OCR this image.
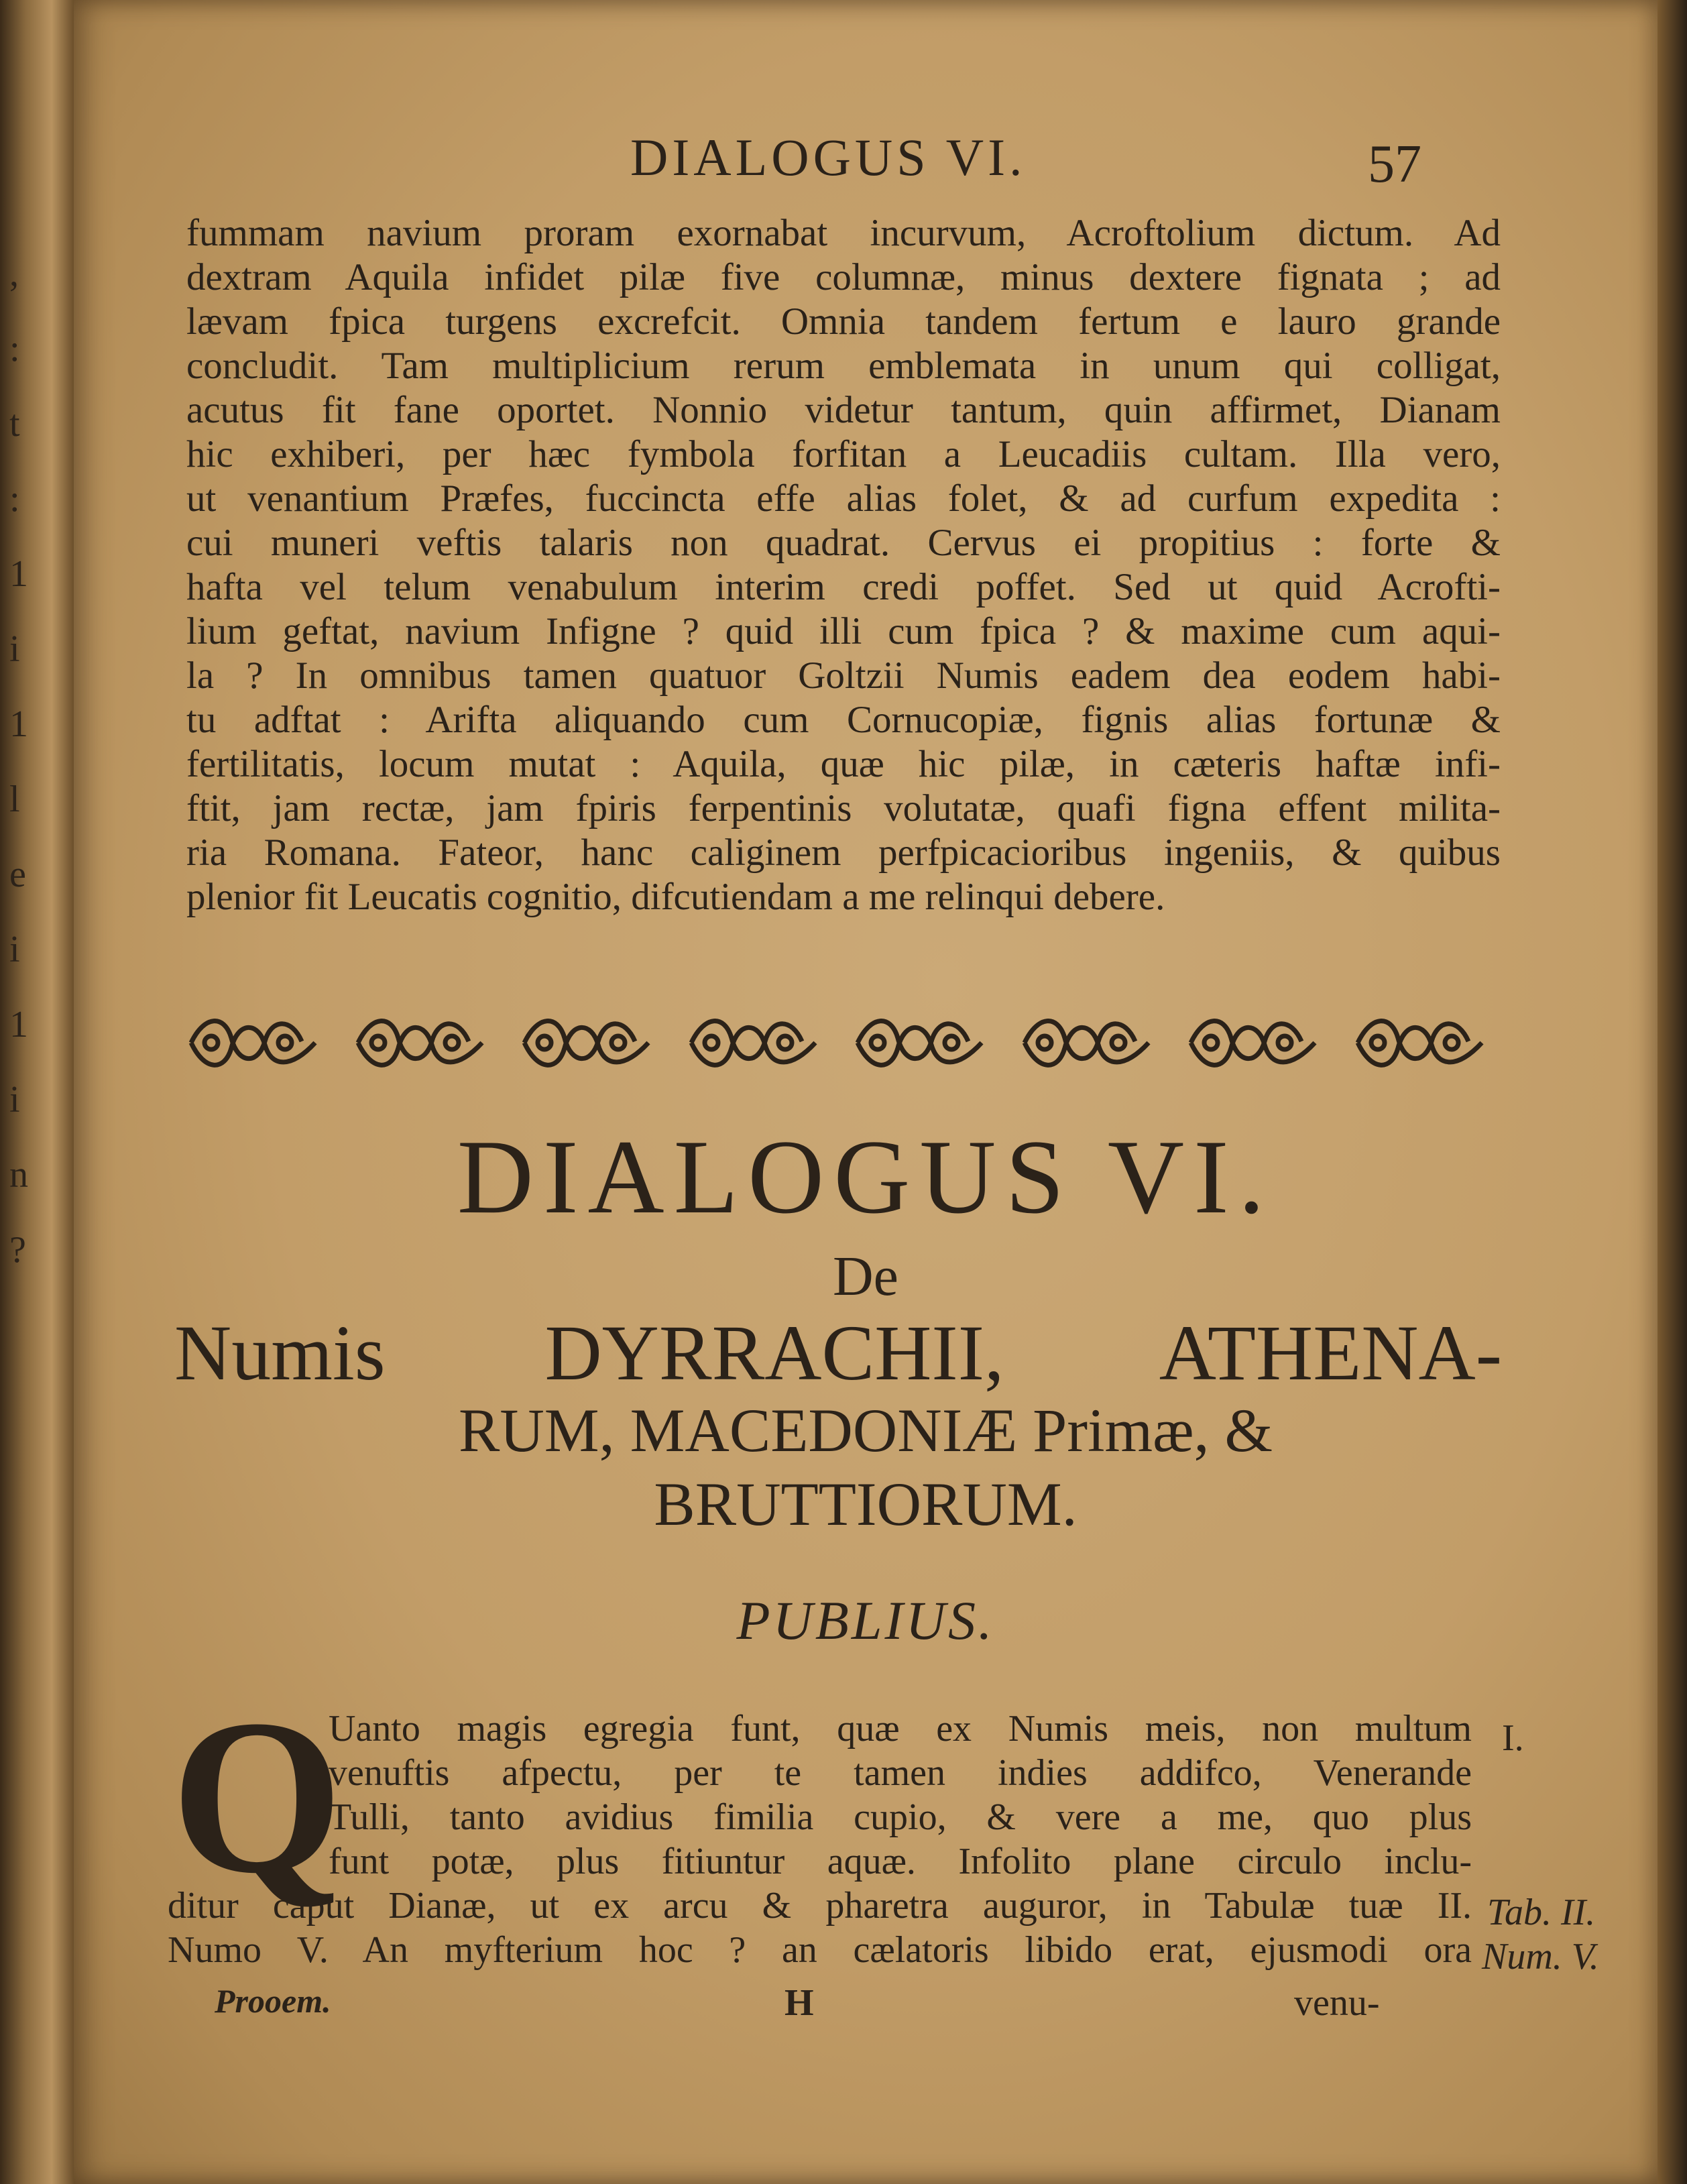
,
:
t
:
1
i
1
l
e
i
1
i
n
?
DIALOGUS VI.	57
fummam navium proram exornabat incurvum, Acroftolium dictum. Ad
dextram Aquila infidet pilæ five columnæ, minus dextere fignata ; ad
lævam fpica turgens excrefcit. Omnia tandem fertum e lauro grande
concludit. Tam multiplicium rerum emblemata in unum qui colligat,
acutus fit fane oportet. Nonnio videtur tantum, quin affirmet, Dianam
hic exhiberi, per hæc fymbola forfitan a Leucadiis cultam. Illa vero,
ut venantium Præfes, fuccincta effe alias folet, & ad curfum expedita :
cui muneri veftis talaris non quadrat. Cervus ei propitius : forte &
hafta vel telum venabulum interim credi poffet. Sed ut quid Acrofti-
lium geftat, navium Infigne ? quid illi cum fpica ? & maxime cum aqui-
la ? In omnibus tamen quatuor Goltzii Numis eadem dea eodem habi-
tu adftat : Arifta aliquando cum Cornucopiæ, fignis alias fortunæ &
fertilitatis, locum mutat : Aquila, quæ hic pilæ, in cæteris haftæ infi-
ftit, jam rectæ, jam fpiris ferpentinis volutatæ, quafi figna effent milita-
ria Romana. Fateor, hanc caliginem perfpicacioribus ingeniis, & quibus
plenior fit Leucatis cognitio, difcutiendam a me relinqui debere.
DIALOGUS VI.
De
Numis DYRRACHII, ATHENA-
RUM, MACEDONIÆ Primæ, &
BRUTTIORUM.
PUBLIUS.
Q
Uanto magis egregia funt, quæ ex Numis meis, non multum
venuftis afpectu, per te tamen indies addifco, Venerande
Tulli, tanto avidius fimilia cupio, & vere a me, quo plus
funt potæ, plus fitiuntur aquæ. Infolito plane circulo inclu-
ditur caput Dianæ, ut ex arcu & pharetra auguror, in Tabulæ tuæ II.
Numo V. An myfterium hoc ? an cælatoris libido erat, ejusmodi ora
I.
Tab. II.
Num. V.
Prooem.	H	venu-
